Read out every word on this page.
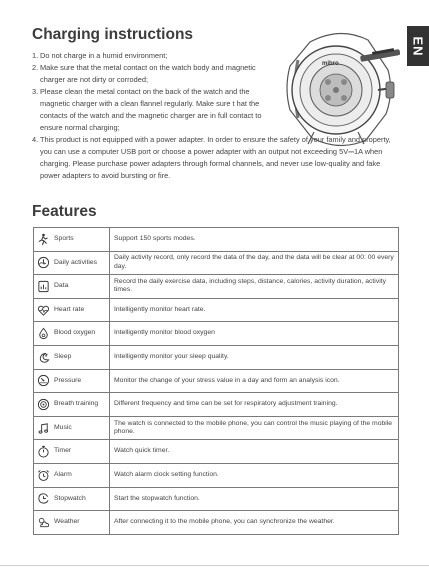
EN
Charging instructions
1. Do not charge in a humid environment;
2. Make sure that the metal contact on the watch body and magnetic charger are not dirty or corroded;
3. Please clean the metal contact on the back of the watch and the magnetic charger with a clean flannel regularly. Make sure t hat the contacts of the watch and the magnetic charger are in full contact to ensure normal charging;
4. This product is not equipped with a power adapter. In order to ensure the safety of your family and property, you can use a computer USB port or choose a power adapter with an output not exceeding 5V⎓1A when charging. Please purchase power adapters through formal channels, and never use low-quality and fake power adapters to avoid bursting or fire.
mibro
Features
Sports	Support 150 sports modes.

Daily activities	Daily activity record, only record the data of the day, and the data will be clear at 00: 00 every day.

Data	Record the daily exercise data, including steps, distance, calories, activity duration, activity times.

Heart rate	Intelligently monitor heart rate.

Blood oxygen	Intelligently monitor blood oxygen

Sleep	Intelligently monitor your sleep quality.

Pressure	Monitor the change of your stress value in a day and form an analysis icon.

Breath training	Different frequency and time can be set for respiratory adjustment training.

Music	The watch is connected to the mobile phone, you can control the music playing of the mobile phone.

Timer	Watch quick timer.

Alarm	Watch alarm clock setting function.

Stopwatch	Start the stopwatch function.

Weather	After connecting it to the mobile phone, you can synchronize the weather.
